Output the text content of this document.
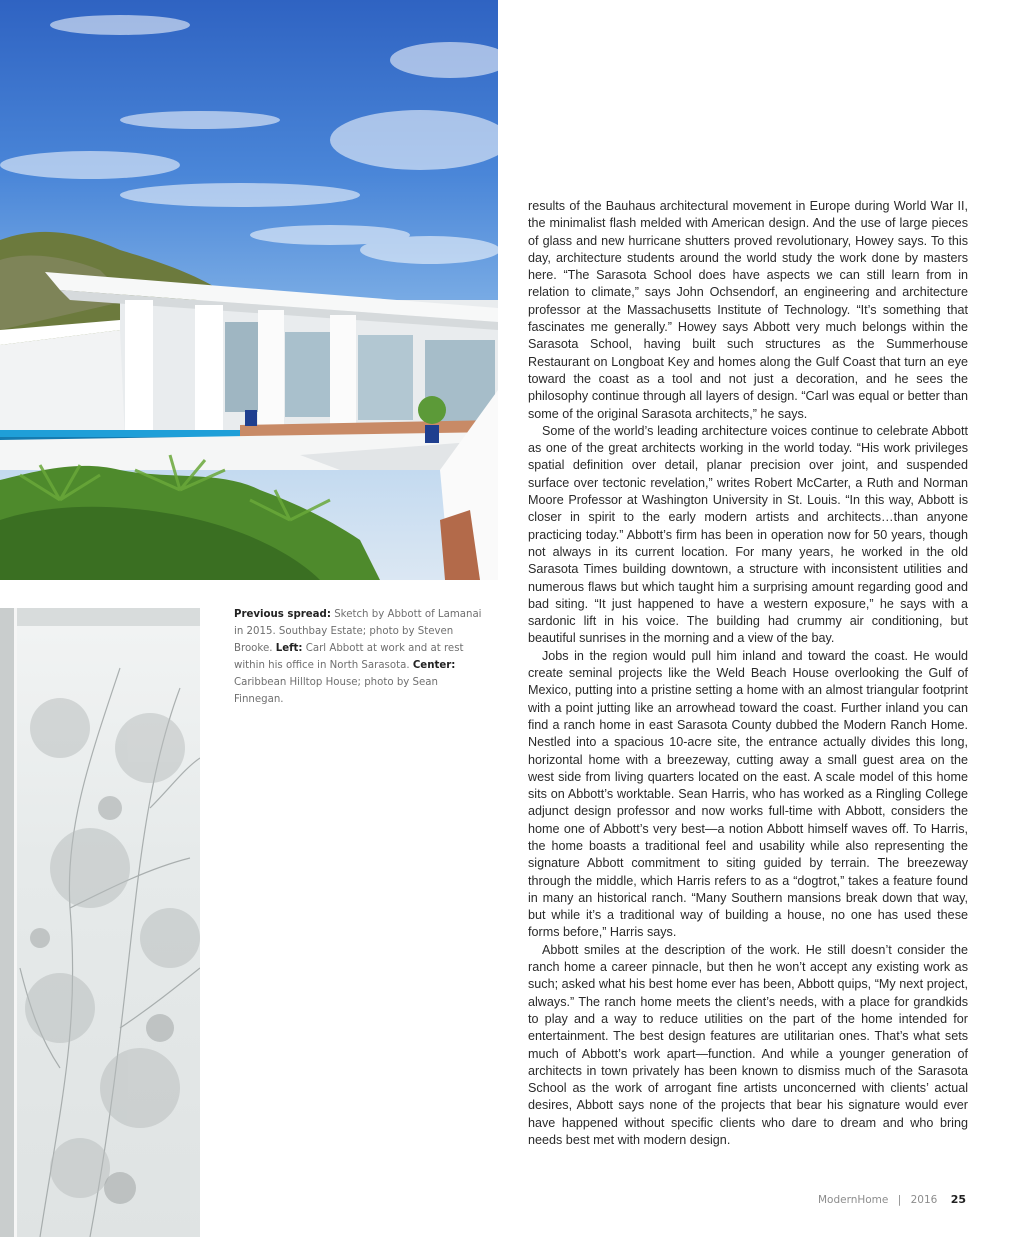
Previous spread: Sketch by Abbott of Lamanai in 2015. Southbay Estate; photo by Steven Brooke. Left: Carl Abbott at work and at rest within his office in North Sarasota. Center: Caribbean Hilltop House; photo by Sean Finnegan.

results of the Bauhaus architectural movement in Europe during World War II, the minimalist flash melded with American design. And the use of large pieces of glass and new hurricane shutters proved revolutionary, Howey says. To this day, architecture students around the world study the work done by masters here. “The Sarasota School does have aspects we can still learn from in relation to climate,” says John Ochsendorf, an engineering and architecture professor at the Massachusetts Institute of Technology. “It’s something that fascinates me generally.” Howey says Abbott very much belongs within the Sarasota School, having built such structures as the Summerhouse Restaurant on Longboat Key and homes along the Gulf Coast that turn an eye toward the coast as a tool and not just a decoration, and he sees the philosophy continue through all layers of design. “Carl was equal or better than some of the original Sarasota architects,” he says.

Some of the world’s leading architecture voices continue to celebrate Abbott as one of the great architects working in the world today. “His work privileges spatial definition over detail, planar precision over joint, and suspended surface over tectonic revelation,” writes Robert McCarter, a Ruth and Norman Moore Professor at Washington University in St. Louis. “In this way, Abbott is closer in spirit to the early modern artists and architects…than anyone practicing today.” Abbott’s firm has been in operation now for 50 years, though not always in its current location. For many years, he worked in the old Sarasota Times building downtown, a structure with inconsistent utilities and numerous flaws but which taught him a surprising amount regarding good and bad siting. “It just happened to have a western exposure,” he says with a sardonic lift in his voice. The building had crummy air conditioning, but beautiful sunrises in the morning and a view of the bay.

Jobs in the region would pull him inland and toward the coast. He would create seminal projects like the Weld Beach House overlooking the Gulf of Mexico, putting into a pristine setting a home with an almost triangular footprint with a point jutting like an arrowhead toward the coast. Further inland you can find a ranch home in east Sarasota County dubbed the Modern Ranch Home. Nestled into a spacious 10-acre site, the entrance actually divides this long, horizontal home with a breezeway, cutting away a small guest area on the west side from living quarters located on the east. A scale model of this home sits on Abbott’s worktable. Sean Harris, who has worked as a Ringling College adjunct design professor and now works full-time with Abbott, considers the home one of Abbott’s very best—a notion Abbott himself waves off. To Harris, the home boasts a traditional feel and usability while also representing the signature Abbott commitment to siting guided by terrain. The breezeway through the middle, which Harris refers to as a “dogtrot,” takes a feature found in many an historical ranch. “Many Southern mansions break down that way, but while it’s a traditional way of building a house, no one has used these forms before,” Harris says.

Abbott smiles at the description of the work. He still doesn’t consider the ranch home a career pinnacle, but then he won’t accept any existing work as such; asked what his best home ever has been, Abbott quips, “My next project, always.” The ranch home meets the client’s needs, with a place for grandkids to play and a way to reduce utilities on the part of the home intended for entertainment. The best design features are utilitarian ones. That’s what sets much of Abbott’s work apart—function. And while a younger generation of architects in town privately has been known to dismiss much of the Sarasota School as the work of arrogant fine artists unconcerned with clients’ actual desires, Abbott says none of the projects that bear his signature would ever have happened without specific clients who dare to dream and who bring needs best met with modern design.

ModernHome | 2016 25
